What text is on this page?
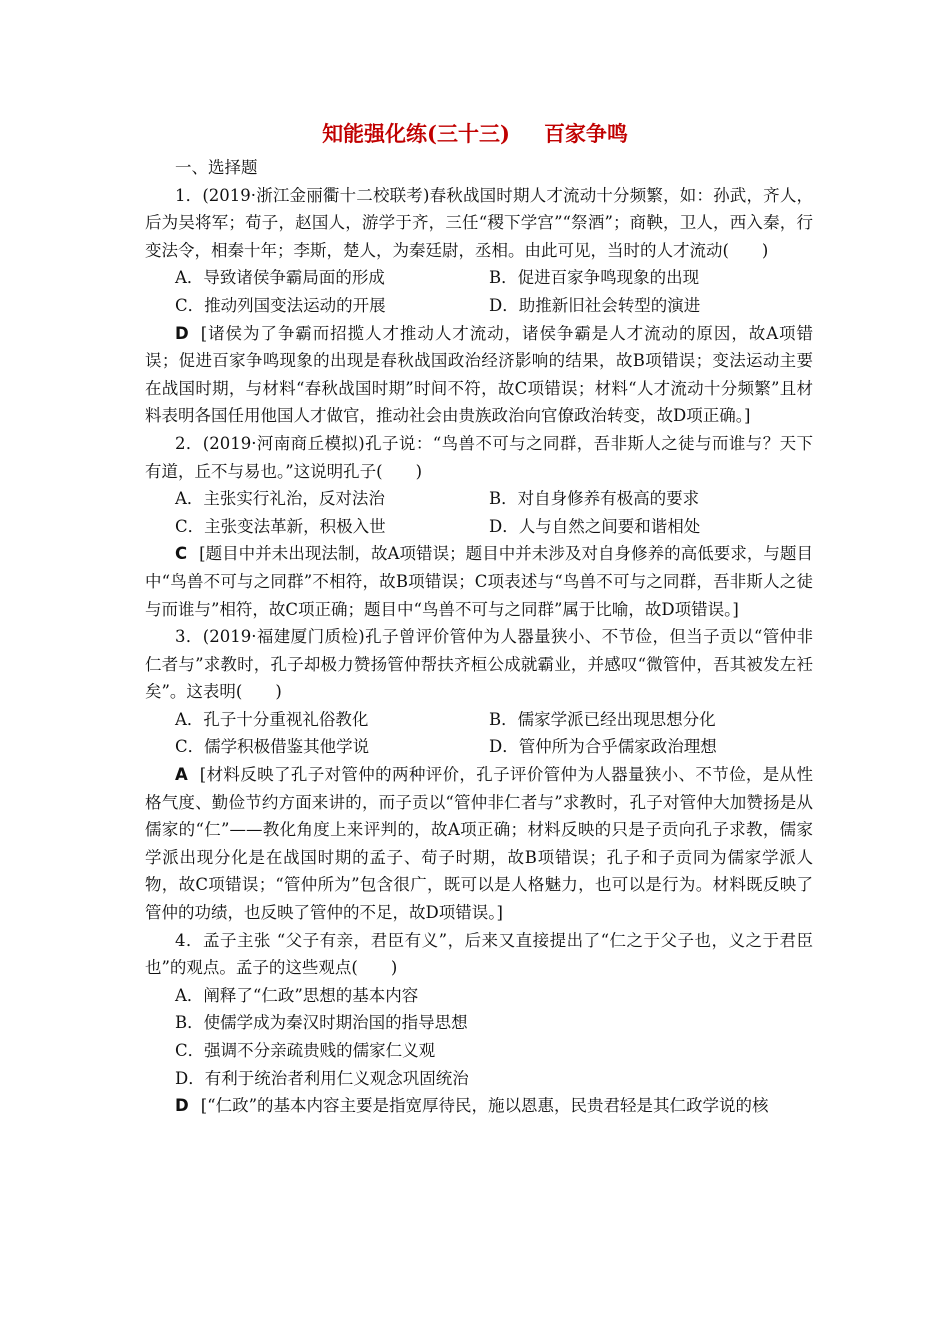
知能强化练(三十三) 百家争鸣
一、选择题
1．(2019·浙江金丽衢十二校联考)春秋战国时期人才流动十分频繁，如：孙武，齐人，后为吴将军；荀子，赵国人，游学于齐，三任“稷下学宫”“祭酒”；商鞅，卫人，西入秦，行变法令，相秦十年；李斯，楚人，为秦廷尉，丞相。由此可见，当时的人才流动(　　)
A．导致诸侯争霸局面的形成	B．促进百家争鸣现象的出现
C．推动列国变法运动的开展	D．助推新旧社会转型的演进
D [诸侯为了争霸而招揽人才推动人才流动，诸侯争霸是人才流动的原因，故A项错误；促进百家争鸣现象的出现是春秋战国政治经济影响的结果，故B项错误；变法运动主要在战国时期，与材料“春秋战国时期”时间不符，故C项错误；材料“人才流动十分频繁”且材料表明各国任用他国人才做官，推动社会由贵族政治向官僚政治转变，故D项正确。]
2．(2019·河南商丘模拟)孔子说：“鸟兽不可与之同群，吾非斯人之徒与而谁与？天下有道，丘不与易也。”这说明孔子(　　)
A．主张实行礼治，反对法治	B．对自身修养有极高的要求
C．主张变法革新，积极入世	D．人与自然之间要和谐相处
C [题目中并未出现法制，故A项错误；题目中并未涉及对自身修养的高低要求，与题目中“鸟兽不可与之同群”不相符，故B项错误；C项表述与“鸟兽不可与之同群，吾非斯人之徒与而谁与”相符，故C项正确；题目中“鸟兽不可与之同群”属于比喻，故D项错误。]
3．(2019·福建厦门质检)孔子曾评价管仲为人器量狭小、不节俭，但当子贡以“管仲非仁者与”求教时，孔子却极力赞扬管仲帮扶齐桓公成就霸业，并感叹“微管仲，吾其被发左衽矣”。这表明(　　)
A．孔子十分重视礼俗教化	B．儒家学派已经出现思想分化
C．儒学积极借鉴其他学说	D．管仲所为合乎儒家政治理想
A [材料反映了孔子对管仲的两种评价，孔子评价管仲为人器量狭小、不节俭，是从性格气度、勤俭节约方面来讲的，而子贡以“管仲非仁者与”求教时，孔子对管仲大加赞扬是从儒家的“仁”——教化角度上来评判的，故A项正确；材料反映的只是子贡向孔子求教，儒家学派出现分化是在战国时期的孟子、荀子时期，故B项错误；孔子和子贡同为儒家学派人物，故C项错误；“管仲所为”包含很广，既可以是人格魅力，也可以是行为。材料既反映了管仲的功绩，也反映了管仲的不足，故D项错误。]
4．孟子主张 “父子有亲，君臣有义”，后来又直接提出了“仁之于父子也，义之于君臣也”的观点。孟子的这些观点(　　)
A．阐释了“仁政”思想的基本内容
B．使儒学成为秦汉时期治国的指导思想
C．强调不分亲疏贵贱的儒家仁义观
D．有利于统治者利用仁义观念巩固统治
D [“仁政”的基本内容主要是指宽厚待民，施以恩惠，民贵君轻是其仁政学说的核
